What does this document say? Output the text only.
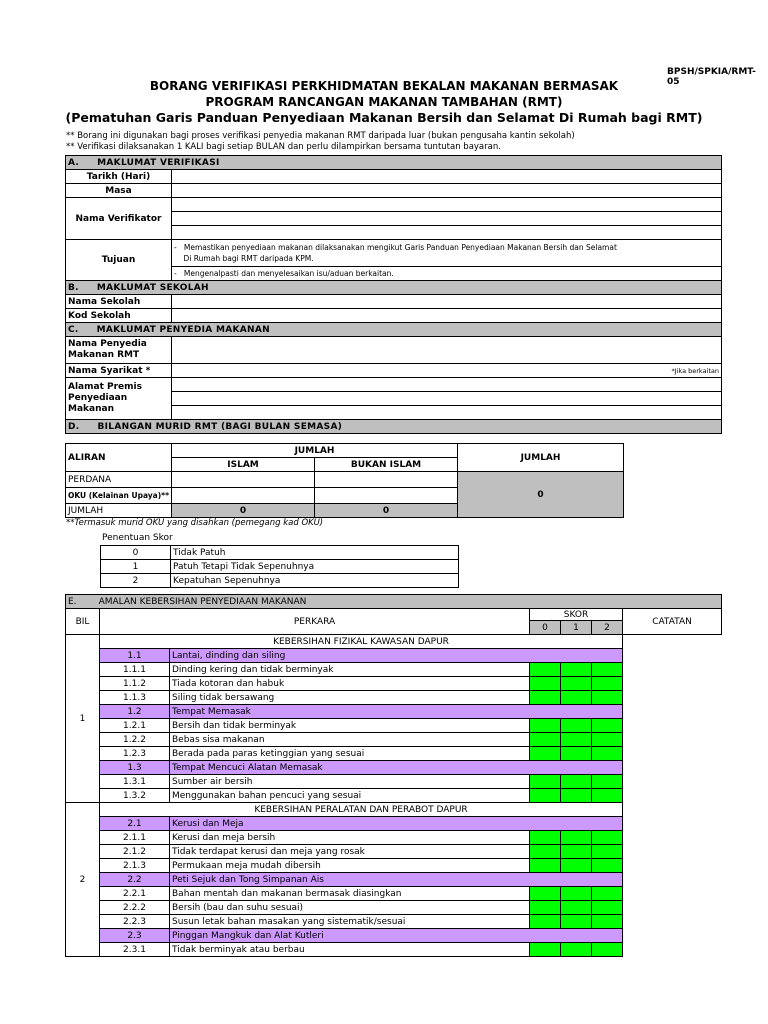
BPSH/SPKIA/RMT-05
BORANG VERIFIKASI PERKHIDMATAN BEKALAN MAKANAN BERMASAK
PROGRAM RANCANGAN MAKANAN TAMBAHAN (RMT)
(Pematuhan Garis Panduan Penyediaan Makanan Bersih dan Selamat Di Rumah bagi RMT)
** Borang ini digunakan bagi proses verifikasi penyedia makanan RMT daripada luar (bukan pengusaha kantin sekolah)
** Verifikasi dilaksanakan 1 KALI bagi setiap BULAN dan perlu dilampirkan bersama tuntutan bayaran.
A. MAKLUMAT VERIFIKASI	
Tarikh (Hari)	
Masa	
Nama Verifikator	

Tujuan	- Memastikan penyediaan makanan dilaksanakan mengikut Garis Panduan Penyediaan Makanan Bersih dan Selamat
Di Rumah bagi RMT daripada KPM.
	- Mengenalpasti dan menyelesaikan isu/aduan berkaitan.
B. MAKLUMAT SEKOLAH	
Nama Sekolah	
Kod Sekolah	
C. MAKLUMAT PENYEDIA MAKANAN	
Nama Penyedia
Makanan RMT	
Nama Syarikat *	*Jika berkaitan
Alamat Premis
Penyediaan Makanan	

D. BILANGAN MURID RMT (BAGI BULAN SEMASA)	
ALIRAN	JUMLAH		JUMLAH
	ISLAM	BUKAN ISLAM	
PERDANA			0
OKU (Kelainan Upaya)**			
JUMLAH	0	0	
**Termasuk murid OKU yang disahkan (pemegang kad OKU)
Penentuan Skor
0	Tidak Patuh
1	Patuh Tetapi Tidak Sepenuhnya
2	Kepatuhan Sepenuhnya
E. AMALAN KEBERSIHAN PENYEDIAAN MAKANAN						
BIL	PERKARA		SKOR			CATATAN
			0	1	2	
1	KEBERSIHAN FIZIKAL KAWASAN DAPUR					
	1.1	Lantai, dinding dan siling				
	1.1.1	Dinding kering dan tidak berminyak				
	1.1.2	Tiada kotoran dan habuk				
	1.1.3	Siling tidak bersawang				
	1.2	Tempat Memasak				
	1.2.1	Bersih dan tidak berminyak				
	1.2.2	Bebas sisa makanan				
	1.2.3	Berada pada paras ketinggian yang sesuai				
	1.3	Tempat Mencuci Alatan Memasak				
	1.3.1	Sumber air bersih				
	1.3.2	Menggunakan bahan pencuci yang sesuai				
2	KEBERSIHAN PERALATAN DAN PERABOT DAPUR					
	2.1	Kerusi dan Meja				
	2.1.1	Kerusi dan meja bersih				
	2.1.2	Tidak terdapat kerusi dan meja yang rosak				
	2.1.3	Permukaan meja mudah dibersih				
	2.2	Peti Sejuk dan Tong Simpanan Ais				
	2.2.1	Bahan mentah dan makanan bermasak diasingkan				
	2.2.2	Bersih (bau dan suhu sesuai)				
	2.2.3	Susun letak bahan masakan yang sistematik/sesuai				
	2.3	Pinggan Mangkuk dan Alat Kutleri				
	2.3.1	Tidak berminyak atau berbau				
